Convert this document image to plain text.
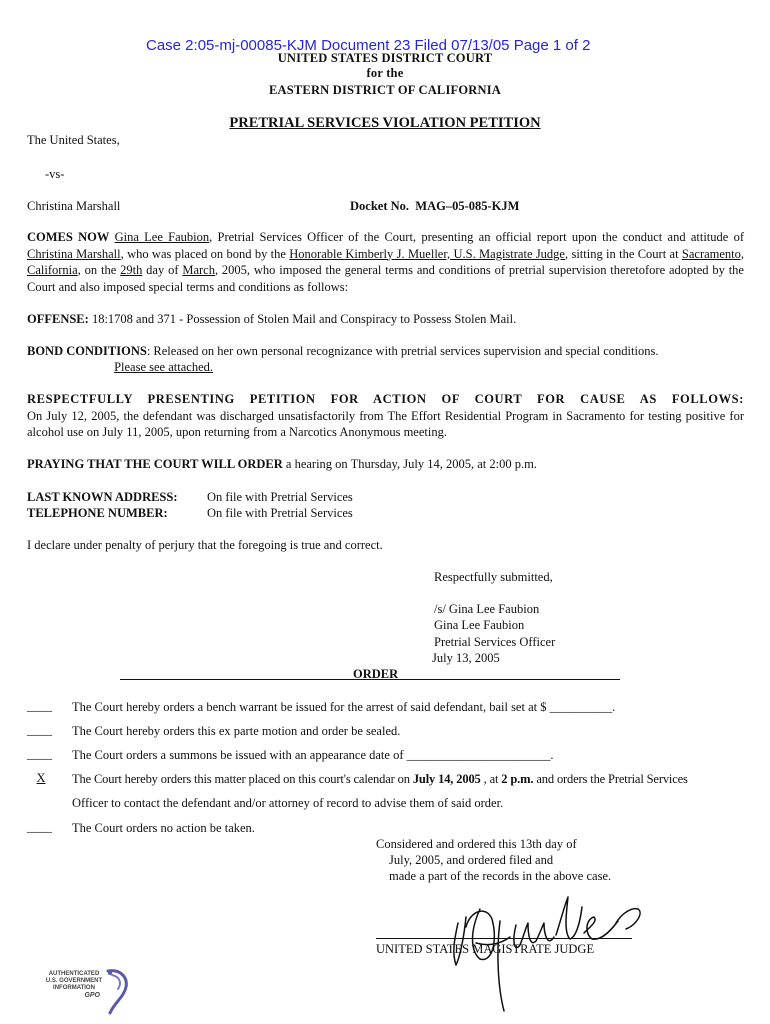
Case 2:05-mj-00085-KJM Document 23 Filed 07/13/05 Page 1 of 2
UNITED STATES DISTRICT COURT
for the
EASTERN DISTRICT OF CALIFORNIA
PRETRIAL SERVICES VIOLATION PETITION
The United States,
-vs-
Christina Marshall	Docket No. MAG–05-085-KJM
COMES NOW Gina Lee Faubion, Pretrial Services Officer of the Court, presenting an official report upon the conduct and attitude of Christina Marshall, who was placed on bond by the Honorable Kimberly J. Mueller, U.S. Magistrate Judge, sitting in the Court at Sacramento, California, on the 29th day of March, 2005, who imposed the general terms and conditions of pretrial supervision theretofore adopted by the Court and also imposed special terms and conditions as follows:
OFFENSE: 18:1708 and 371 - Possession of Stolen Mail and Conspiracy to Possess Stolen Mail.
BOND CONDITIONS: Released on her own personal recognizance with pretrial services supervision and special conditions.
Please see attached.
RESPECTFULLY PRESENTING PETITION FOR ACTION OF COURT FOR CAUSE AS FOLLOWS:
On July 12, 2005, the defendant was discharged unsatisfactorily from The Effort Residential Program in Sacramento for testing positive for alcohol use on July 11, 2005, upon returning from a Narcotics Anonymous meeting.
PRAYING THAT THE COURT WILL ORDER a hearing on Thursday, July 14, 2005, at 2:00 p.m.
LAST KNOWN ADDRESS: On file with Pretrial Services
TELEPHONE NUMBER:	On file with Pretrial Services
I declare under penalty of perjury that the foregoing is true and correct.
Respectfully submitted,
/s/ Gina Lee Faubion
Gina Lee Faubion
Pretrial Services Officer
July 13, 2005
ORDER
____ The Court hereby orders a bench warrant be issued for the arrest of said defendant, bail set at $ __________.
____ The Court hereby orders this ex parte motion and order be sealed.
____ The Court orders a summons be issued with an appearance date of _______________________.
X	The Court hereby orders this matter placed on this court's calendar on July 14, 2005 , at 2 p.m. and orders the Pretrial Services
Officer to contact the defendant and/or attorney of record to advise them of said order.
____ The Court orders no action be taken.
Considered and ordered this 13th day of
July, 2005, and ordered filed and
made a part of the records in the above case.
UNITED STATES MAGISTRATE JUDGE
AUTHENTICATED
U.S. GOVERNMENT
INFORMATION
GPO
